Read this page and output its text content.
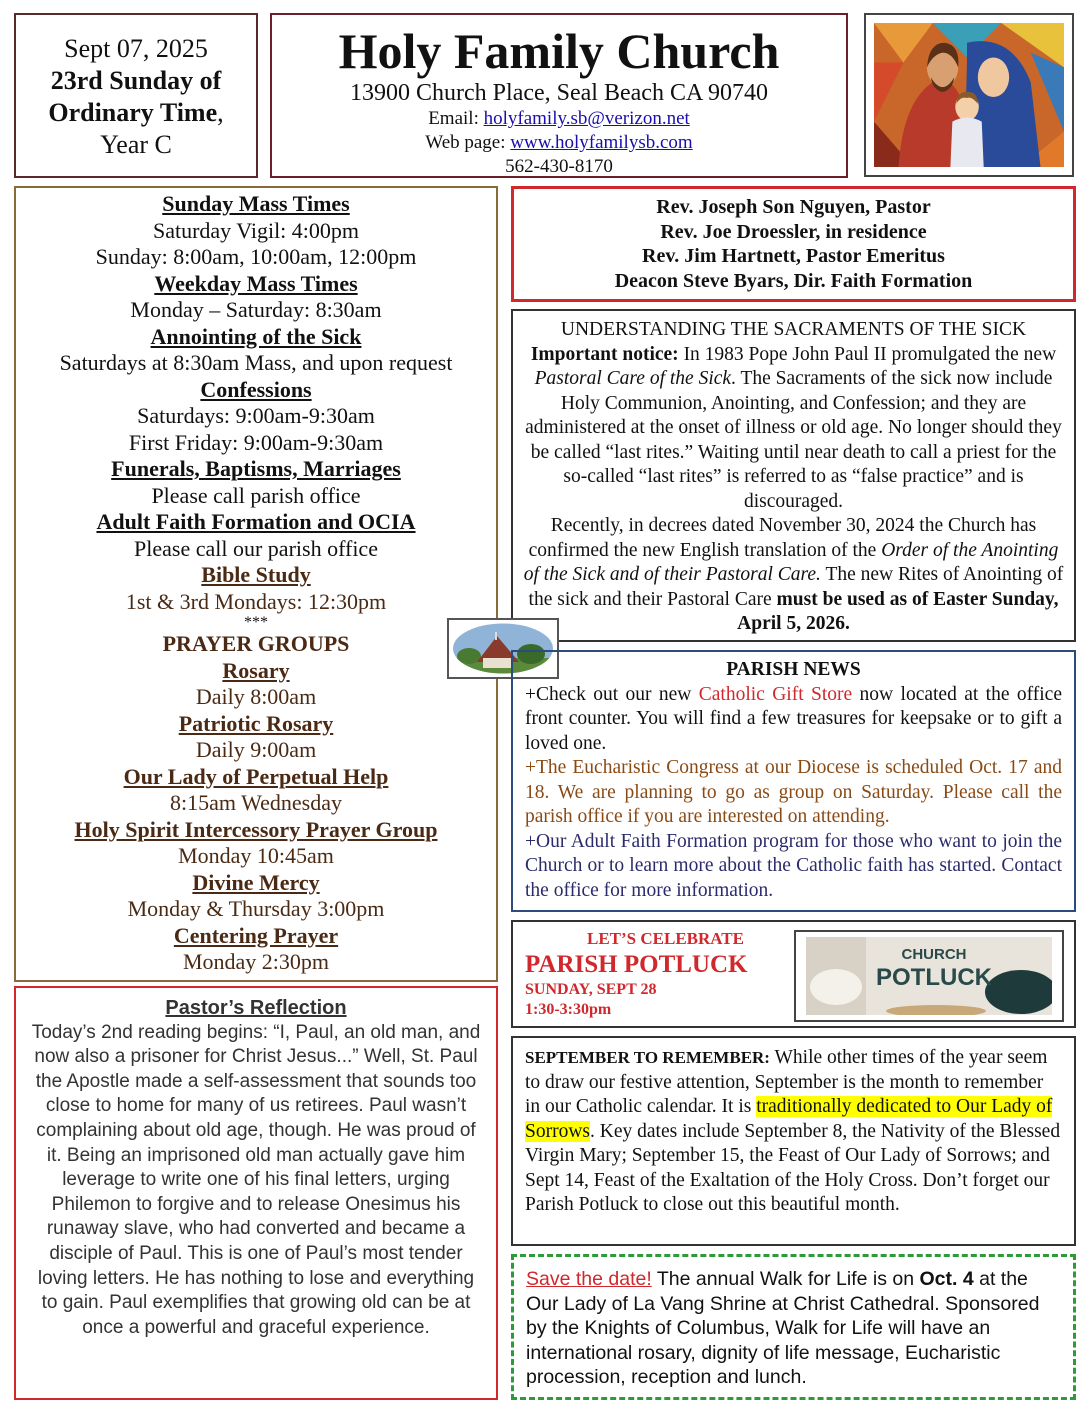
Sept 07, 2025
23rd Sunday of
Ordinary Time,
Year C
Holy Family Church
13900 Church Place, Seal Beach CA 90740
Email: holyfamily.sb@verizon.net
Web page: www.holyfamilysb.com
562-430-8170
Sunday Mass Times
Saturday Vigil: 4:00pm
Sunday: 8:00am, 10:00am, 12:00pm
Weekday Mass Times
Monday – Saturday: 8:30am
Annointing of the Sick
Saturdays at 8:30am Mass, and upon request
Confessions
Saturdays: 9:00am-9:30am
First Friday: 9:00am-9:30am
Funerals, Baptisms, Marriages
Please call parish office
Adult Faith Formation and OCIA
Please call our parish office
Bible Study
1st & 3rd Mondays: 12:30pm
***
PRAYER GROUPS
Rosary
Daily 8:00am
Patriotic Rosary
Daily 9:00am
Our Lady of Perpetual Help
8:15am Wednesday
Holy Spirit Intercessory Prayer Group
Monday 10:45am
Divine Mercy
Monday & Thursday 3:00pm
Centering Prayer
Monday 2:30pm
Pastor’s Reflection
Today’s 2nd reading begins: “I, Paul, an old man, and now also a prisoner for Christ Jesus...” Well, St. Paul the Apostle made a self-assessment that sounds too close to home for many of us retirees. Paul wasn’t complaining about old age, though. He was proud of it. Being an imprisoned old man actually gave him leverage to write one of his final letters, urging Philemon to forgive and to release Onesimus his runaway slave, who had converted and became a disciple of Paul. This is one of Paul’s most tender loving letters. He has nothing to lose and everything to gain. Paul exemplifies that growing old can be at once a powerful and graceful experience.
Rev. Joseph Son Nguyen, Pastor
Rev. Joe Droessler, in residence
Rev. Jim Hartnett, Pastor Emeritus
Deacon Steve Byars, Dir. Faith Formation

UNDERSTANDING THE SACRAMENTS OF THE SICK

Important notice: In 1983 Pope John Paul II promulgated the new Pastoral Care of the Sick. The Sacraments of the sick now include Holy Communion, Anointing, and Confession; and they are administered at the onset of illness or old age. No longer should they be called “last rites.” Waiting until near death to call a priest for the so-called “last rites” is referred to as “false practice” and is discouraged.

Recently, in decrees dated November 30, 2024 the Church has confirmed the new English translation of the Order of the Anointing of the Sick and of their Pastoral Care. The new Rites of Anointing of the sick and their Pastoral Care must be used as of Easter Sunday, April 5, 2026.

PARISH NEWS
+Check out our new Catholic Gift Store now located at the office front counter. You will find a few treasures for keepsake or to gift a loved one.
+The Eucharistic Congress at our Diocese is scheduled Oct. 17 and 18. We are planning to go as group on Saturday. Please call the parish office if you are interested on attending.
+Our Adult Faith Formation program for those who want to join the Church or to learn more about the Catholic faith has started. Contact the office for more information.
LET’S CELEBRATE
PARISH POTLUCK
SUNDAY, SEPT 28
1:30-3:30pm
CHURCH
POTLUCK
SEPTEMBER TO REMEMBER: While other times of the year seem to draw our festive attention, September is the month to remember in our Catholic calendar. It is traditionally dedicated to Our Lady of Sorrows. Key dates include September 8, the Nativity of the Blessed Virgin Mary; September 15, the Feast of Our Lady of Sorrows; and Sept 14, Feast of the Exaltation of the Holy Cross. Don’t forget our Parish Potluck to close out this beautiful month.
Save the date! The annual Walk for Life is on Oct. 4 at the Our Lady of La Vang Shrine at Christ Cathedral. Sponsored by the Knights of Columbus, Walk for Life will have an international rosary, dignity of life message, Eucharistic procession, reception and lunch.
